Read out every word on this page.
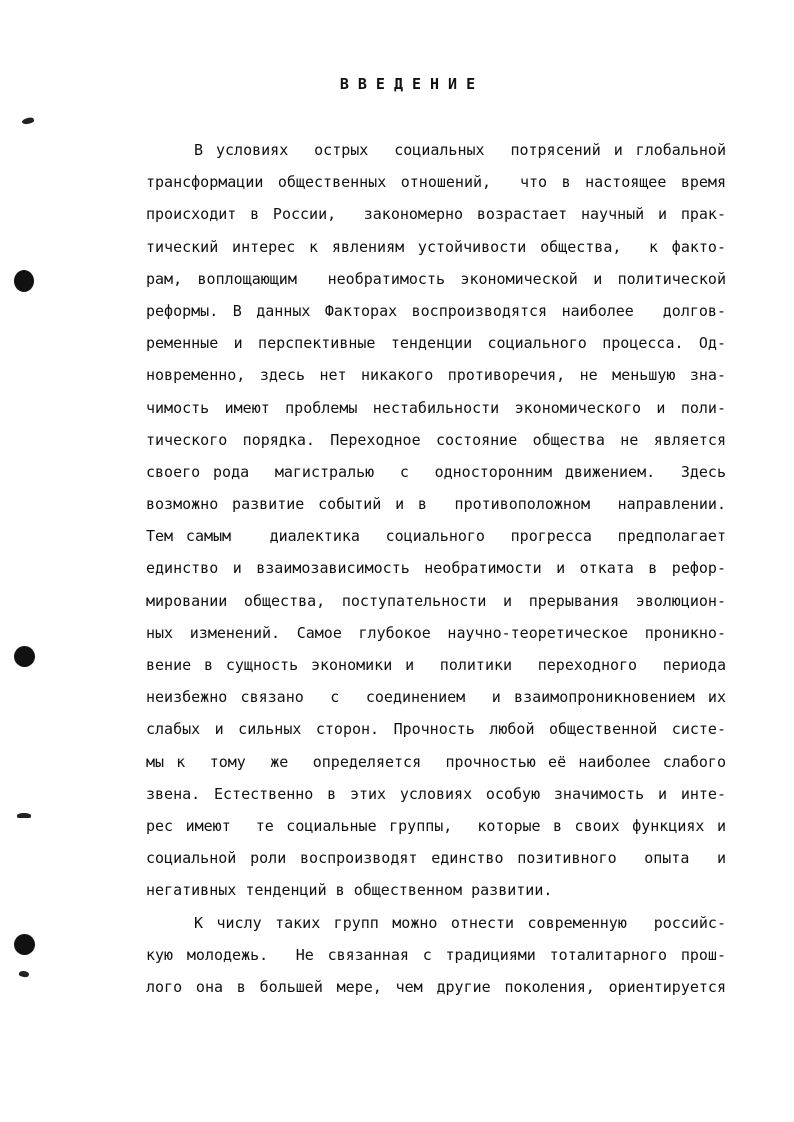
ВВЕДЕНИЕ
В условиях  острых  социальных  потрясений и глобальной
трансформации общественных отношений,  что в настоящее время
происходит в России,  закономерно возрастает научный и прак-
тический интерес к явлениям устойчивости общества,  к факто-
рам, воплощающим  необратимость экономической и политической
реформы. В данных Факторах воспроизводятся наиболее  долгов-
ременные и перспективные тенденции социального процесса. Од-
новременно, здесь нет никакого противоречия, не меньшую зна-
чимость имеют проблемы нестабильности экономического и поли-
тического порядка. Переходное состояние общества не является
своего рода  магистралью  с  односторонним движением.  Здесь
возможно развитие событий и в  противоположном  направлении.
Тем самым   диалектика  социального  прогресса  предполагает
единство и взаимозависимость необратимости и отката в рефор-
мировании общества, поступательности и прерывания эволюцион-
ных изменений. Самое глубокое научно-теоретическое проникно-
вение в сущность экономики и  политики  переходного  периода
неизбежно связано  с  соединением  и взаимопроникновением их
слабых и сильных сторон. Прочность любой общественной систе-
мы к  тому  же  определяется  прочностью её наиболее слабого
звена. Естественно в этих условиях особую значимость и инте-
рес имеют  те социальные группы,  которые в своих функциях и
социальной роли воспроизводят единство позитивного  опыта  и
негативных тенденций в общественном развитии.
К числу таких групп можно отнести современную  российс-
кую молодежь.  Не связанная с традициями тоталитарного прош-
лого она в большей мере, чем другие поколения, ориентируется
